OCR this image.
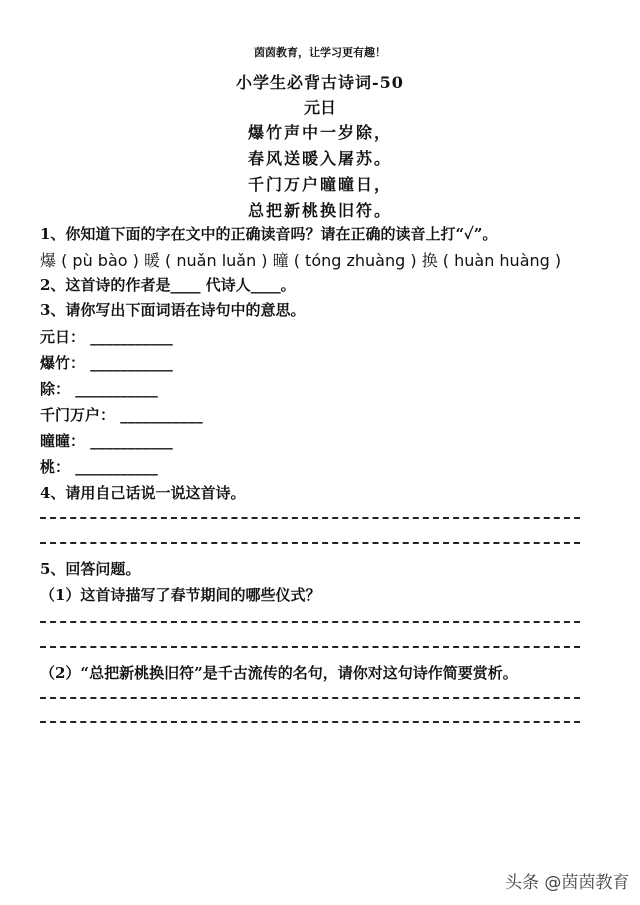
茵茵教育，让学习更有趣！
小学生必背古诗词-50
元日
爆竹声中一岁除，
春风送暖入屠苏。
千门万户曈曈日，
总把新桃换旧符。
1、你知道下面的字在文中的正确读音吗？请在正确的读音上打“✓”。
爆 ( pù bào ) 暖 ( nuǎn luǎn ) 曈 ( tóng zhuàng ) 换 ( huàn huàng )
2、这首诗的作者是____ 代诗人____。
3、请你写出下面词语在诗句中的意思。
元日： ___________
爆竹： ___________
除： ___________
千门万户： ___________
曈曈： ___________
桃： ___________
4、请用自己话说一说这首诗。
5、回答问题。
（1）这首诗描写了春节期间的哪些仪式？
（2）“总把新桃换旧符”是千古流传的名句，请你对这句诗作简要赏析。
头条 @茵茵教育
